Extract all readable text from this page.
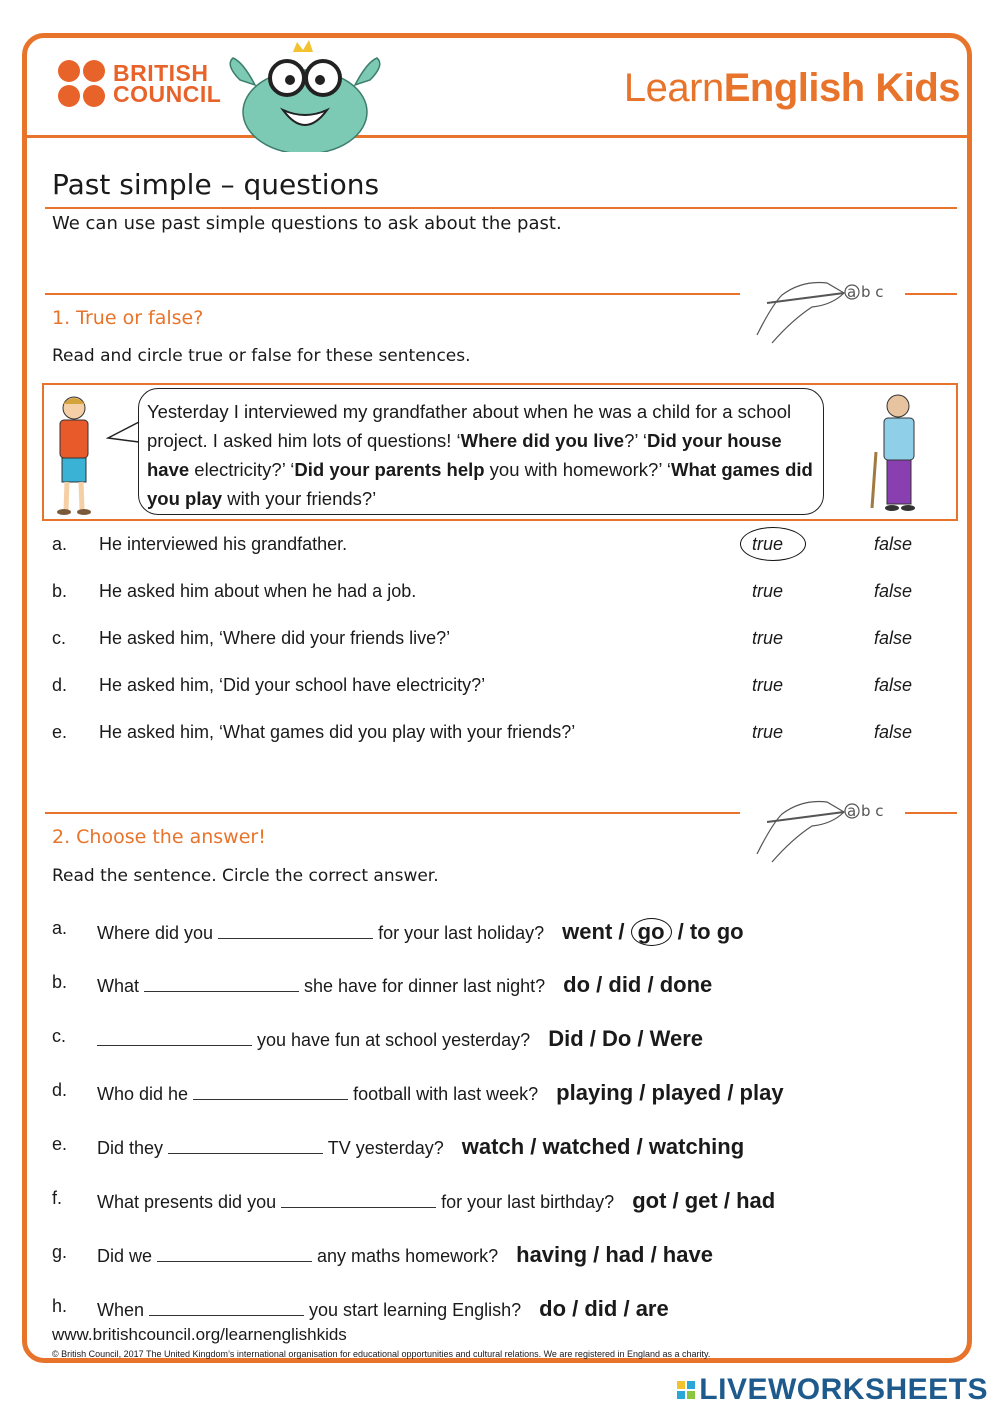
BRITISH
COUNCIL	LearnEnglish Kids
Past simple – questions
We can use past simple questions to ask about the past.
a b c
1. True or false?
Read and circle true or false for these sentences.
Yesterday I interviewed my grandfather about when he was a child for a school project. I asked him lots of questions! ‘Where did you live?’ ‘Did your house have electricity?’ ‘Did your parents help you with homework?’ ‘What games did you play with your friends?’
a. He interviewed his grandfather.	true	false
b. He asked him about when he had a job.	true	false
c. He asked him, ‘Where did your friends live?’	true	false
d. He asked him, ‘Did your school have electricity?’	true	false
e. He asked him, ‘What games did you play with your friends?’	true	false
a b c
2. Choose the answer!
Read the sentence. Circle the correct answer.
a. Where did you	for your last holiday? went / go / to go
b. What	she have for dinner last night? do / did / done
c.	you have fun at school yesterday? Did / Do / Were
d. Who did he	football with last week? playing / played / play
e. Did they	TV yesterday? watch / watched / watching
f. What presents did you	for your last birthday? got / get / had
g. Did we	any maths homework? having / had / have
h. When	you start learning English? do / did / are
www.britishcouncil.org/learnenglishkids
© British Council, 2017 The United Kingdom’s international organisation for educational opportunities and cultural relations. We are registered in England as a charity.
LIVEWORKSHEETS
